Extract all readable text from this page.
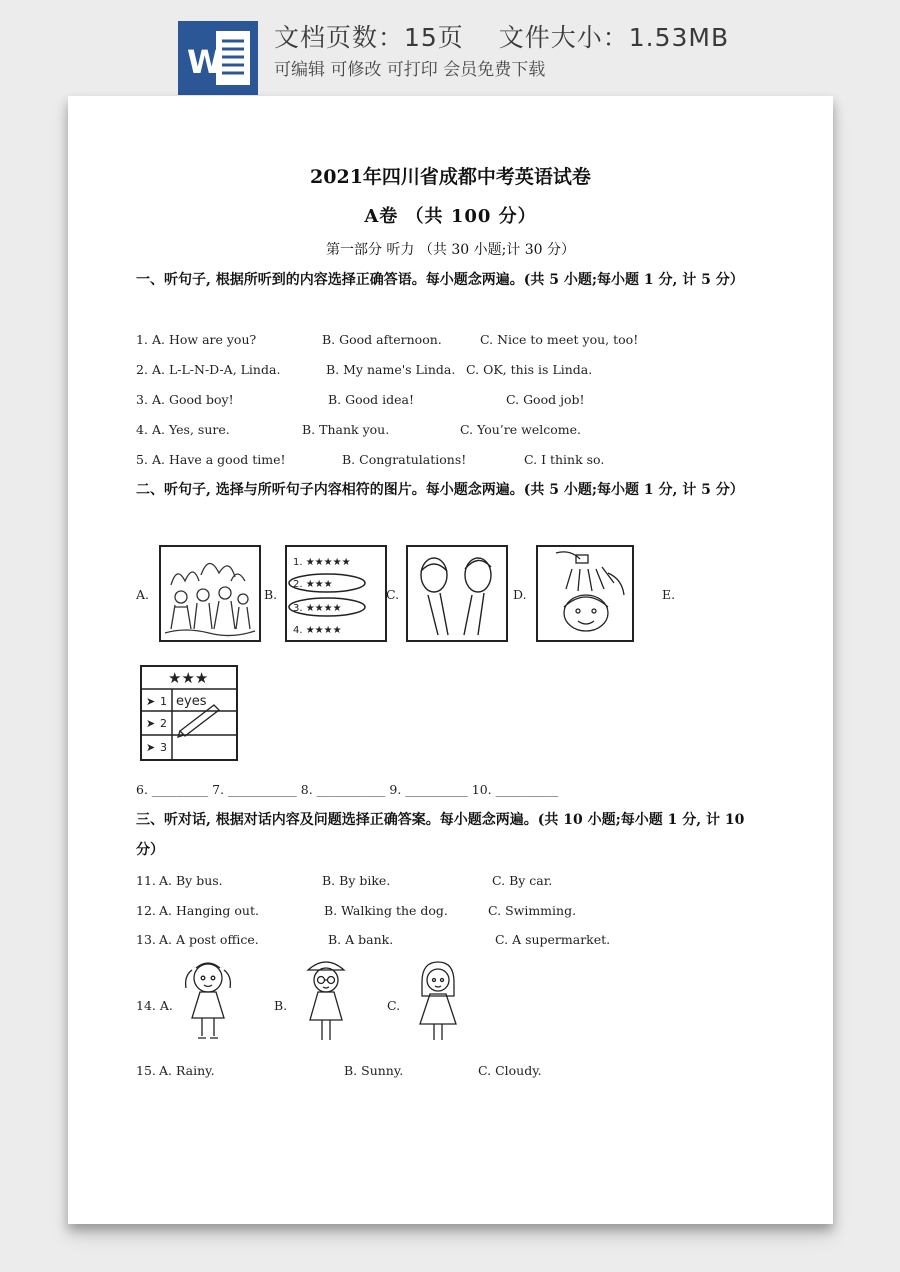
W
文档页数：15页　 文件大小：1.53MB
可编辑 可修改 可打印 会员免费下载
2021年四川省成都中考英语试卷
A卷 （共 100 分）
第一部分 听力 （共 30 小题;计 30 分）
一、听句子, 根据所听到的内容选择正确答语。每小题念两遍。(共 5 小题;每小题 1 分, 计 5 分）
1. A. How are you?	B. Good afternoon.	C. Nice to meet you, too!
2. A. L-L-N-D-A, Linda.	B. My name's Linda. C. OK, this is Linda.
3. A. Good boy!	B. Good idea!	C. Good job!
4. A. Yes, sure.	B. Thank you.	C. You’re welcome.
5. A. Have a good time!	B. Congratulations!	C. I think so.
二、听句子, 选择与所听句子内容相符的图片。每小题念两遍。(共 5 小题;每小题 1 分, 计 5 分）
A.	B.
1. ★★★★★
2. ★★★
3. ★★★★
4. ★★★★
C.	D.	E.
★★★
➤ 1
➤ 2
➤ 3
eyes
6. _________ 7. ___________ 8. ___________ 9. __________ 10. __________
三、听对话, 根据对话内容及问题选择正确答案。每小题念两遍。(共 10 小题;每小题 1 分, 计 10 分）
11. A. By bus.	B. By bike.	C. By car.
12. A. Hanging out.	B. Walking the dog.	C. Swimming.
13. A. A post office.	B. A bank.	C. A supermarket.
14. A.	B.	C.
15. A. Rainy.	B. Sunny.	C. Cloudy.
